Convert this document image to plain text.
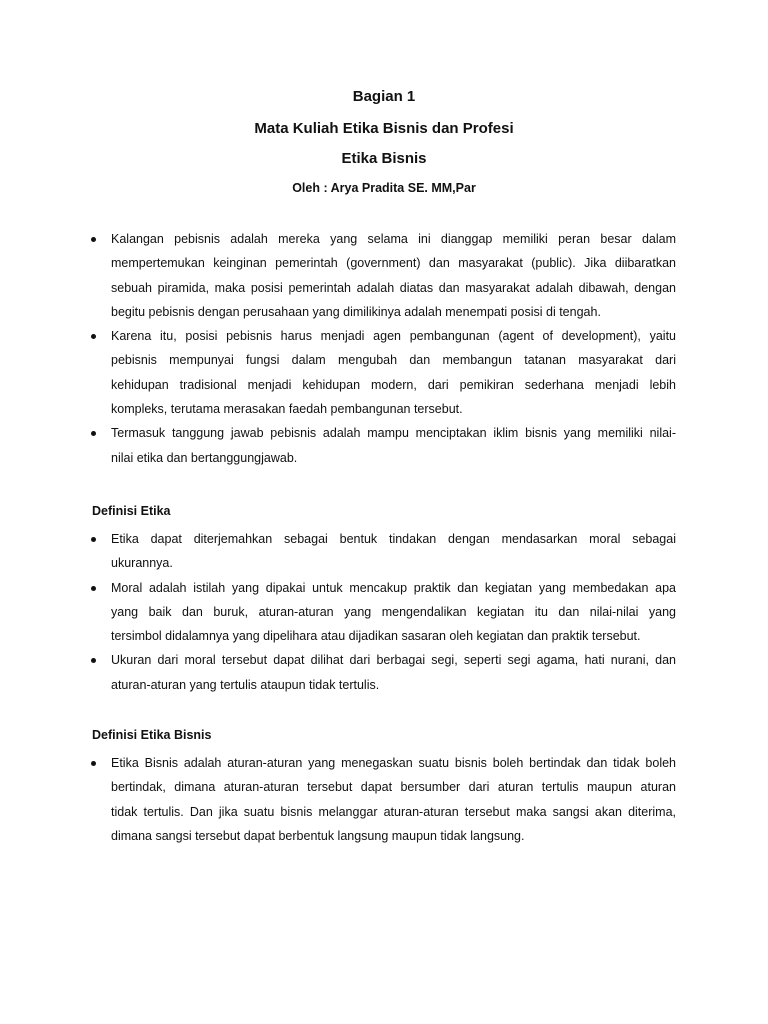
Bagian 1
Mata Kuliah Etika Bisnis dan Profesi
Etika Bisnis
Oleh : Arya Pradita SE. MM,Par
Kalangan pebisnis adalah mereka yang selama ini dianggap memiliki peran besar dalam
mempertemukan keinginan pemerintah (government) dan masyarakat (public). Jika diibaratkan
sebuah piramida, maka posisi pemerintah adalah diatas dan masyarakat adalah dibawah, dengan
begitu pebisnis dengan perusahaan yang dimilikinya adalah menempati posisi di tengah.
Karena itu, posisi pebisnis harus menjadi agen pembangunan (agent of development), yaitu
pebisnis mempunyai fungsi dalam mengubah dan membangun tatanan masyarakat dari
kehidupan tradisional menjadi kehidupan modern, dari pemikiran sederhana menjadi lebih
kompleks, terutama merasakan faedah pembangunan tersebut.
Termasuk tanggung jawab pebisnis adalah mampu menciptakan iklim bisnis yang memiliki nilai-
nilai etika dan bertanggungjawab.
Definisi Etika
Etika dapat diterjemahkan sebagai bentuk tindakan dengan mendasarkan moral sebagai
ukurannya.
Moral adalah istilah yang dipakai untuk mencakup praktik dan kegiatan yang membedakan apa
yang baik dan buruk, aturan-aturan yang mengendalikan kegiatan itu dan nilai-nilai yang
tersimbol didalamnya yang dipelihara atau dijadikan sasaran oleh kegiatan dan praktik tersebut.
Ukuran dari moral tersebut dapat dilihat dari berbagai segi, seperti segi agama, hati nurani, dan
aturan-aturan yang tertulis ataupun tidak tertulis.
Definisi Etika Bisnis
Etika Bisnis adalah aturan-aturan yang menegaskan suatu bisnis boleh bertindak dan tidak boleh
bertindak, dimana aturan-aturan tersebut dapat bersumber dari aturan tertulis maupun aturan
tidak tertulis. Dan jika suatu bisnis melanggar aturan-aturan tersebut maka sangsi akan diterima,
dimana sangsi tersebut dapat berbentuk langsung maupun tidak langsung.
